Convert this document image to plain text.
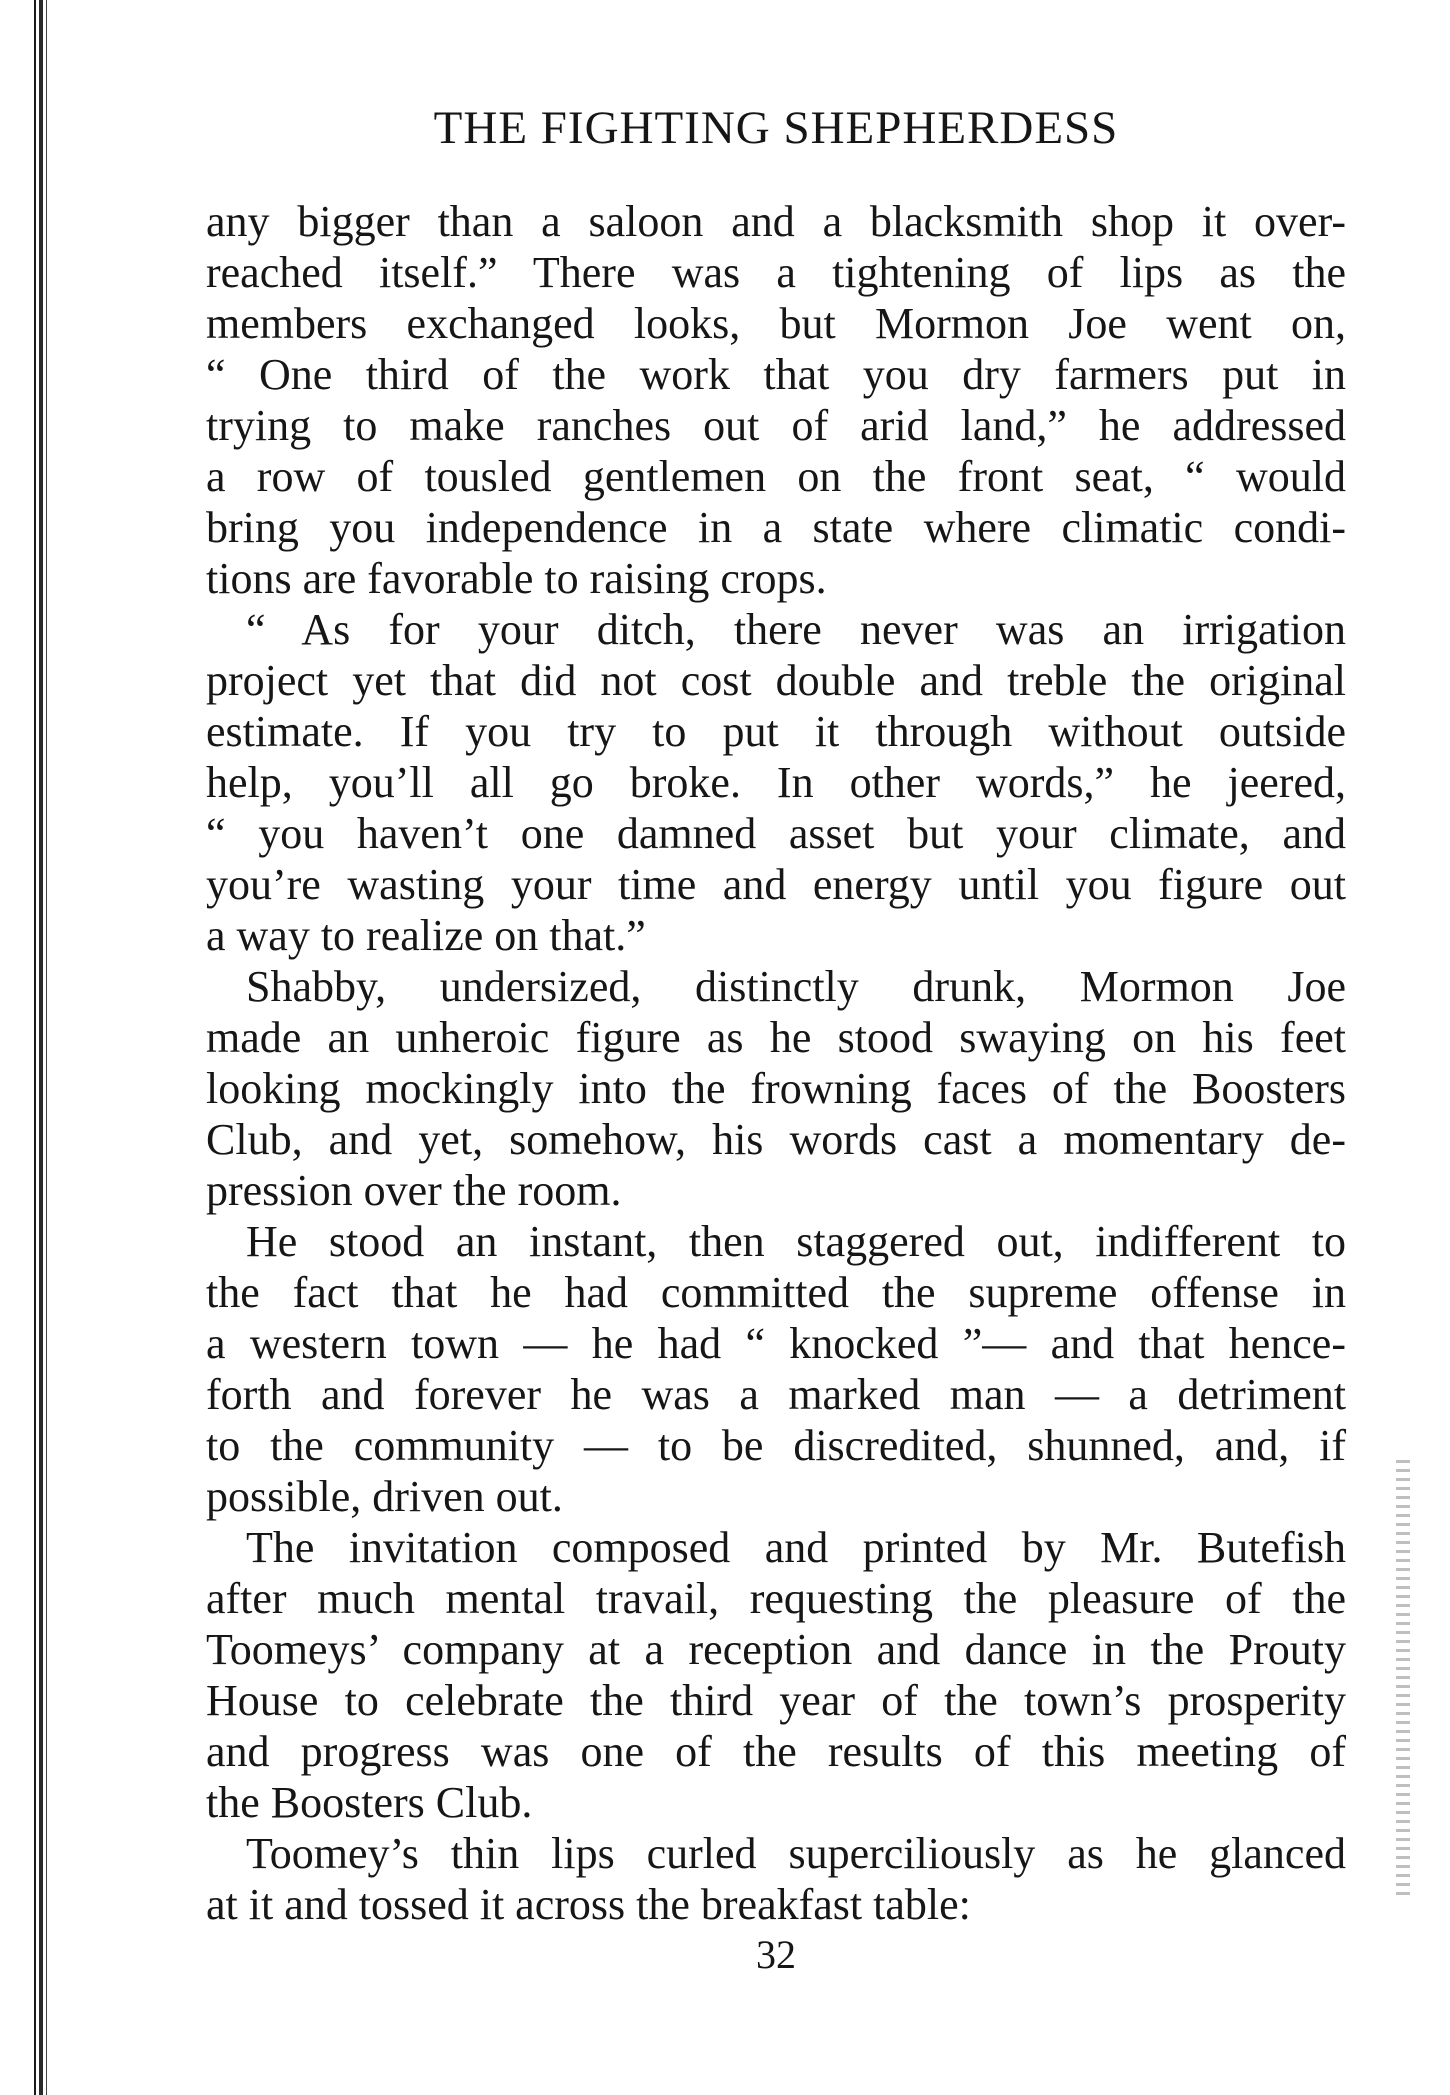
THE FIGHTING SHEPHERDESS
any bigger than a saloon and a blacksmith shop it over-
reached itself.” There was a tightening of lips as the
members exchanged looks, but Mormon Joe went on,
“ One third of the work that you dry farmers put in
trying to make ranches out of arid land,” he addressed
a row of tousled gentlemen on the front seat, “ would
bring you independence in a state where climatic condi-
tions are favorable to raising crops.
“ As for your ditch, there never was an irrigation
project yet that did not cost double and treble the original
estimate. If you try to put it through without outside
help, you’ll all go broke. In other words,” he jeered,
“ you haven’t one damned asset but your climate, and
you’re wasting your time and energy until you figure out
a way to realize on that.”
Shabby, undersized, distinctly drunk, Mormon Joe
made an unheroic figure as he stood swaying on his feet
looking mockingly into the frowning faces of the Boosters
Club, and yet, somehow, his words cast a momentary de-
pression over the room.
He stood an instant, then staggered out, indifferent to
the fact that he had committed the supreme offense in
a western town — he had “ knocked ”— and that hence-
forth and forever he was a marked man — a detriment
to the community — to be discredited, shunned, and, if
possible, driven out.
The invitation composed and printed by Mr. Butefish
after much mental travail, requesting the pleasure of the
Toomeys’ company at a reception and dance in the Prouty
House to celebrate the third year of the town’s prosperity
and progress was one of the results of this meeting of
the Boosters Club.
Toomey’s thin lips curled superciliously as he glanced
at it and tossed it across the breakfast table:
32
